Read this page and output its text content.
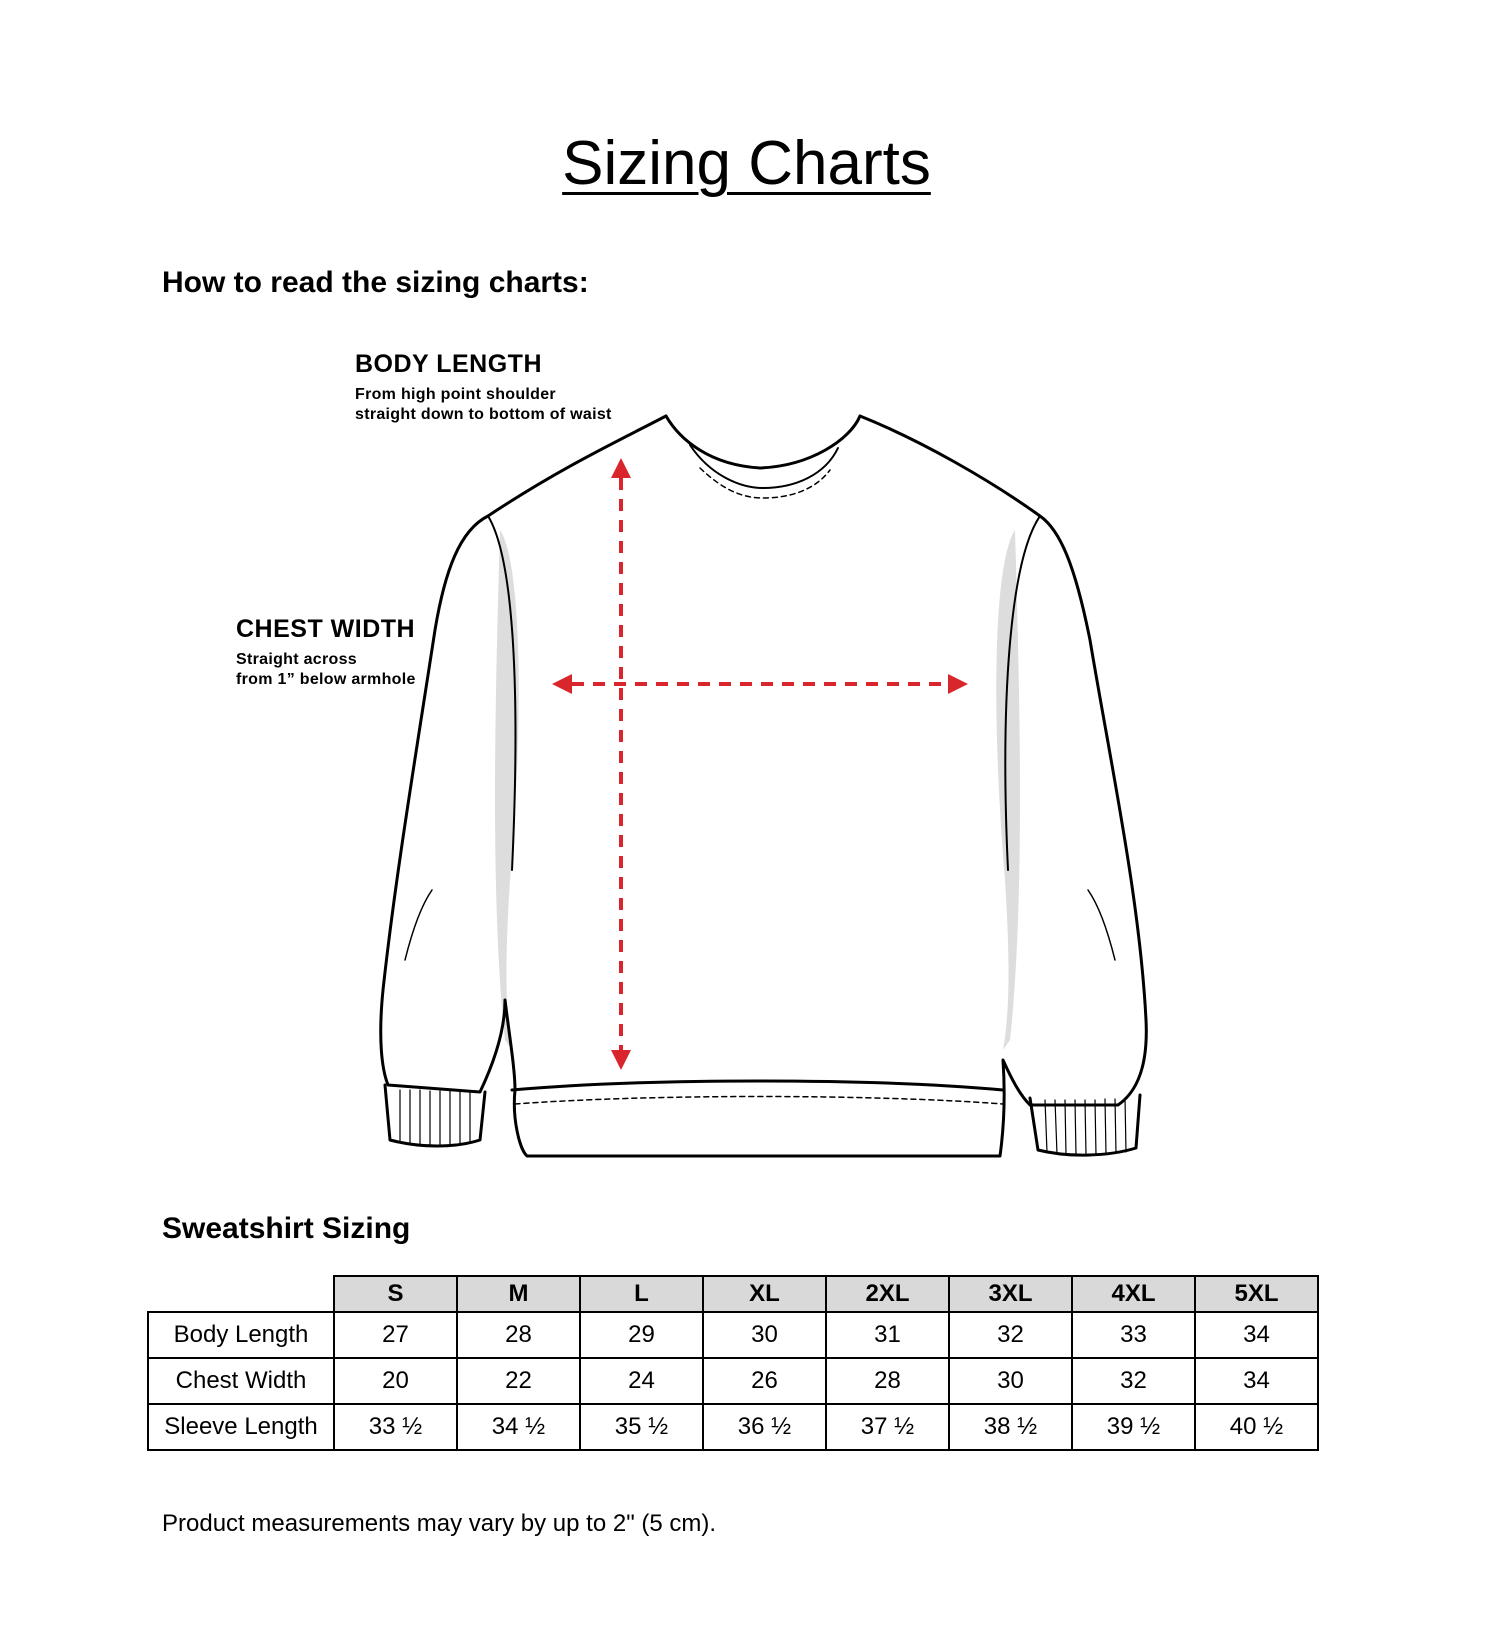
Sizing Charts
How to read the sizing charts:
BODY LENGTH
From high point shoulder
straight down to bottom of waist
CHEST WIDTH
Straight across
from 1” below armhole
Sweatshirt Sizing
	S	M	L	XL	2XL	3XL	4XL	5XL
Body Length	27	28	29	30	31	32	33	34
Chest Width	20	22	24	26	28	30	32	34
Sleeve Length	33 ½	34 ½	35 ½	36 ½	37 ½	38 ½	39 ½	40 ½

Product measurements may vary by up to 2" (5 cm).
